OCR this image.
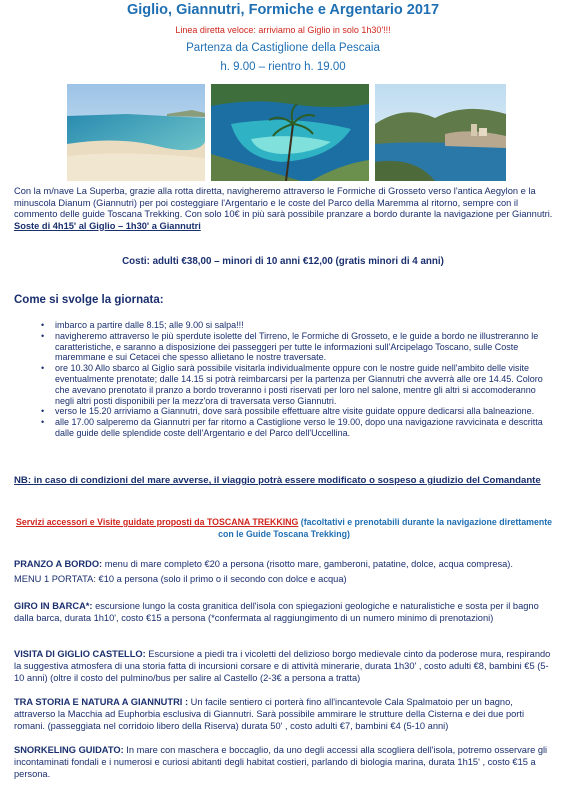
Giglio, Giannutri, Formiche e Argentario 2017
Linea diretta veloce: arriviamo al Giglio in solo 1h30'!!!
Partenza da Castiglione della Pescaia
h. 9.00 – rientro h. 19.00
Con la m/nave La Superba, grazie alla rotta diretta, navigheremo attraverso le Formiche di Grosseto verso l'antica Aegylon e la minuscola Dianum (Giannutri) per poi costeggiare l'Argentario e le coste del Parco della Maremma al ritorno, sempre con il commento delle guide Toscana Trekking. Con solo 10€ in più sarà possibile pranzare a bordo durante la navigazione per Giannutri. Soste di 4h15' al Giglio – 1h30' a Giannutri
Costi: adulti €38,00 – minori di 10 anni €12,00 (gratis minori di 4 anni)
Come si svolge la giornata:
• imbarco a partire dalle 8.15; alle 9.00 si salpa!!!
• navigheremo attraverso le più sperdute isolette del Tirreno, le Formiche di Grosseto, e le guide a bordo ne illustreranno le caratteristiche, e saranno a disposizione dei passeggeri per tutte le informazioni sull'Arcipelago Toscano, sulle Coste maremmane e sui Cetacei che spesso allietano le nostre traversate.
• ore 10.30 Allo sbarco al Giglio sarà possibile visitarla individualmente oppure con le nostre guide nell'ambito delle visite eventualmente prenotate; dalle 14.15 si potrà reimbarcarsi per la partenza per Giannutri che avverrà alle ore 14.45. Coloro che avevano prenotato il pranzo a bordo troveranno i posti riservati per loro nel salone, mentre gli altri si accomoderanno negli altri posti disponibili per la mezz'ora di traversata verso Giannutri.
• verso le 15.20 arriviamo a Giannutri, dove sarà possibile effettuare altre visite guidate oppure dedicarsi alla balneazione.
• alle 17.00 salperemo da Giannutri per far ritorno a Castiglione verso le 19.00, dopo una navigazione ravvicinata e descritta dalle guide delle splendide coste dell'Argentario e del Parco dell'Uccellina.
NB: in caso di condizioni del mare avverse, il viaggio potrà essere modificato o sospeso a giudizio del Comandante
Servizi accessori e Visite guidate proposti da TOSCANA TREKKING (facoltativi e prenotabili durante la navigazione direttamente con le Guide Toscana Trekking)
PRANZO A BORDO: menu di mare completo €20 a persona (risotto mare, gamberoni, patatine, dolce, acqua compresa).
MENU 1 PORTATA: €10 a persona (solo il primo o il secondo con dolce e acqua)
GIRO IN BARCA*: escursione lungo la costa granitica dell'isola con spiegazioni geologiche e naturalistiche e sosta per il bagno dalla barca, durata 1h10', costo €15 a persona (*confermata al raggiungimento di un numero minimo di prenotazioni)
VISITA DI GIGLIO CASTELLO: Escursione a piedi tra i vicoletti del delizioso borgo medievale cinto da poderose mura, respirando la suggestiva atmosfera di una storia fatta di incursioni corsare e di attività minerarie, durata 1h30' , costo adulti €8, bambini €5 (5-10 anni) (oltre il costo del pulmino/bus per salire al Castello (2-3€ a persona a tratta)
TRA STORIA E NATURA A GIANNUTRI : Un facile sentiero ci porterà fino all'incantevole Cala Spalmatoio per un bagno, attraverso la Macchia ad Euphorbia esclusiva di Giannutri. Sarà possibile ammirare le strutture della Cisterna e dei due porti romani. (passeggiata nel corridoio libero della Riserva) durata 50' , costo adulti €7, bambini €4 (5-10 anni)
SNORKELING GUIDATO: In mare con maschera e boccaglio, da uno degli accessi alla scogliera dell'isola, potremo osservare gli incontaminati fondali e i numerosi e curiosi abitanti degli habitat costieri, parlando di biologia marina, durata 1h15' , costo €15 a persona.
